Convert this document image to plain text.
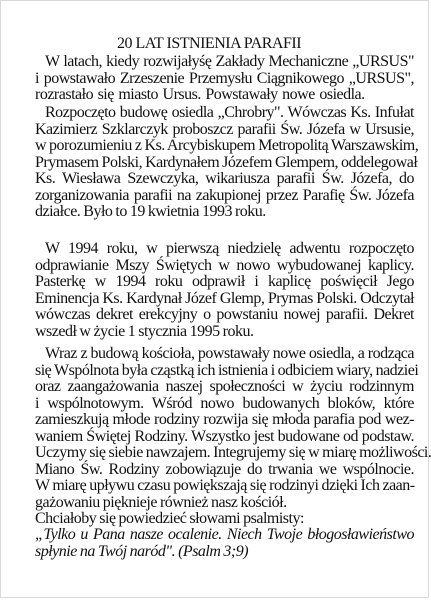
20 LAT ISTNIENIA PARAFII
W latach, kiedy rozwijałyśę Zakłady Mechaniczne „URSUS"
i powstawało Zrzeszenie Przemysłu Ciągnikowego „URSUS",
rozrastało się miasto Ursus. Powstawały nowe osiedla.
Rozpoczęto budowę osiedla „Chrobry". Wówczas Ks. Infułat
Kazimierz Szklarczyk proboszcz parafii Św. Józefa w Ursusie,
w porozumieniu z Ks. Arcybiskupem Metropolitą Warszawskim,
Prymasem Polski, Kardynałem Józefem Glempem, oddelegował
Ks. Wiesława Szewczyka, wikariusza parafii Św. Józefa, do
zorganizowania parafii na zakupionej przez Parafię Św. Józefa
działce. Było to 19 kwietnia 1993 roku.
W 1994 roku, w pierwszą niedzielę adwentu rozpoczęto
odprawianie Mszy Świętych w nowo wybudowanej kaplicy.
Pasterkę w 1994 roku odprawił i kaplicę poświęcił Jego
Eminencja Ks. Kardynał Józef Glemp, Prymas Polski. Odczytał
wówczas dekret erekcyjny o powstaniu nowej parafii. Dekret
wszedł w życie 1 stycznia 1995 roku.
Wraz z budową kościoła, powstawały nowe osiedla, a rodząca
się Wspólnota była cząstką ich istnienia i odbiciem wiary, nadziei
oraz zaangażowania naszej społeczności w życiu rodzinnym
i wspólnotowym. Wśród nowo budowanych bloków, które
zamieszkują młode rodziny rozwija się młoda parafia pod wez-
waniem Świętej Rodziny. Wszystko jest budowane od podstaw.
Uczymy się siebie nawzajem. Integrujemy się w miarę możliwości.
Miano Św. Rodziny zobowiązuje do trwania we wspólnocie.
W miarę upływu czasu powiększają się rodzinyi dzięki Ich zaan-
gażowaniu pięknieje również nasz kościół.
Chciałoby się powiedzieć słowami psalmisty:
„Tylko u Pana nasze ocalenie. Niech Twoje błogosławieństwo
spłynie na Twój naród". (Psalm 3;9)
